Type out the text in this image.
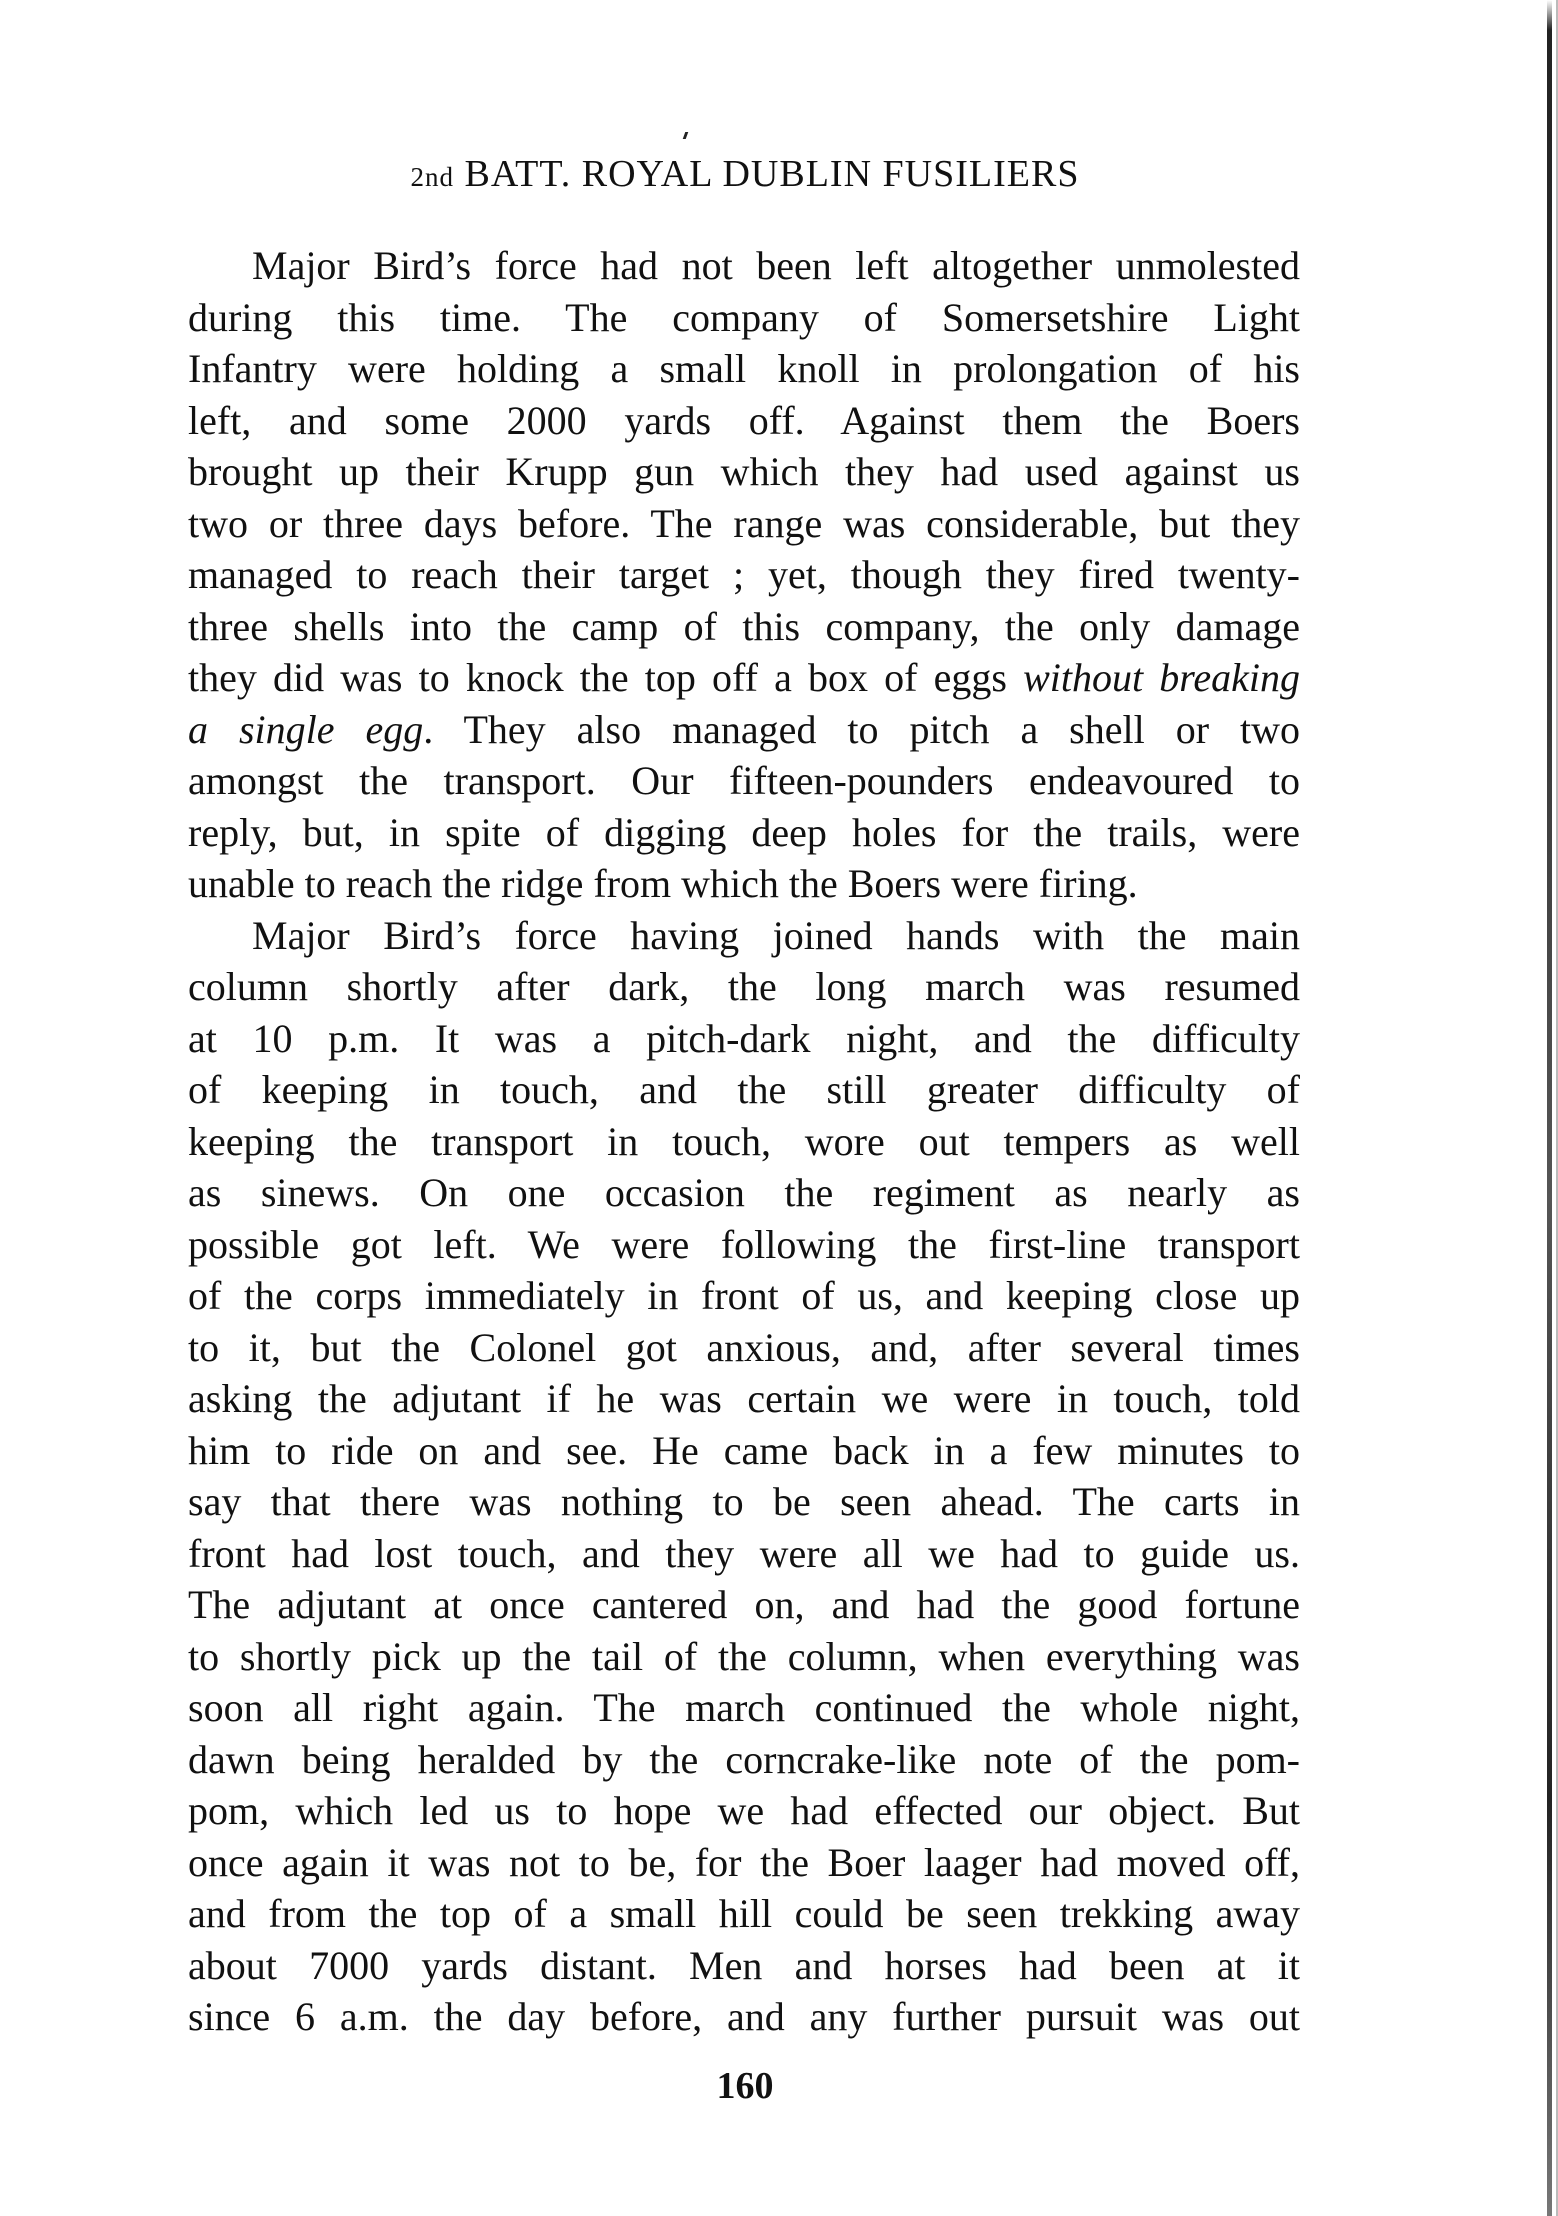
2nd BATT. ROYAL DUBLIN FUSILIERS
Major Bird’s force had not been left altogether unmolested
during this time. The company of Somersetshire Light
Infantry were holding a small knoll in prolongation of his
left, and some 2000 yards off. Against them the Boers
brought up their Krupp gun which they had used against us
two or three days before. The range was considerable, but they
managed to reach their target ; yet, though they fired twenty-
three shells into the camp of this company, the only damage
they did was to knock the top off a box of eggs without breaking
a single egg. They also managed to pitch a shell or two
amongst the transport. Our fifteen-pounders endeavoured to
reply, but, in spite of digging deep holes for the trails, were
unable to reach the ridge from which the Boers were firing.
Major Bird’s force having joined hands with the main
column shortly after dark, the long march was resumed
at 10 p.m. It was a pitch-dark night, and the difficulty
of keeping in touch, and the still greater difficulty of
keeping the transport in touch, wore out tempers as well
as sinews. On one occasion the regiment as nearly as
possible got left. We were following the first-line transport
of the corps immediately in front of us, and keeping close up
to it, but the Colonel got anxious, and, after several times
asking the adjutant if he was certain we were in touch, told
him to ride on and see. He came back in a few minutes to
say that there was nothing to be seen ahead. The carts in
front had lost touch, and they were all we had to guide us.
The adjutant at once cantered on, and had the good fortune
to shortly pick up the tail of the column, when everything was
soon all right again. The march continued the whole night,
dawn being heralded by the corncrake-like note of the pom-
pom, which led us to hope we had effected our object. But
once again it was not to be, for the Boer laager had moved off,
and from the top of a small hill could be seen trekking away
about 7000 yards distant. Men and horses had been at it
since 6 a.m. the day before, and any further pursuit was out
160
